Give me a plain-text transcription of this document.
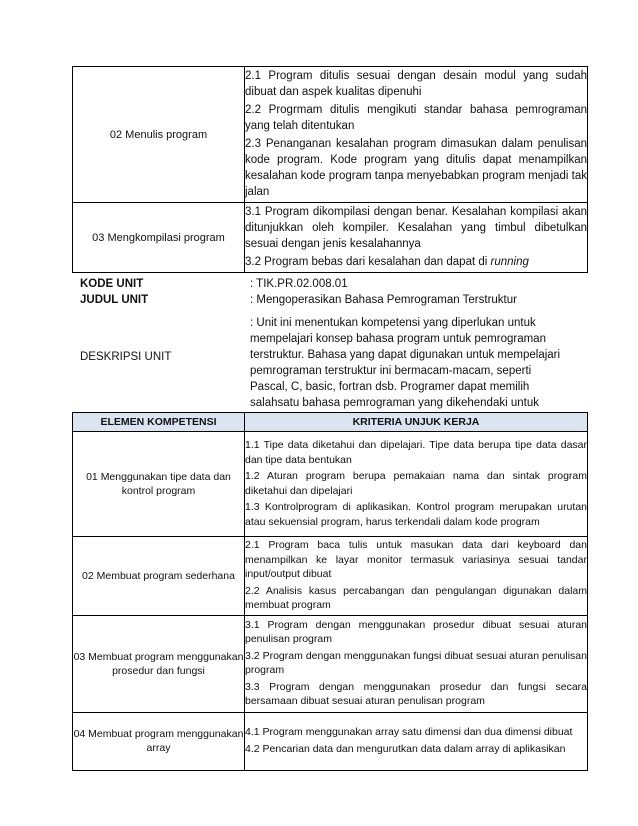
02 Menulis program	2.1 Program ditulis sesuai dengan desain modul yang sudah dibuat dan aspek kualitas dipenuhi
2.2 Progrmam ditulis mengikuti standar bahasa pemrograman yang telah ditentukan
2.3 Penanganan kesalahan program dimasukan dalam penulisan kode program. Kode program yang ditulis dapat menampilkan kesalahan kode program tanpa menyebabkan program menjadi tak jalan

03 Mengkompilasi program	3.1 Program dikompilasi dengan benar. Kesalahan kompilasi akan ditunjukkan oleh kompiler. Kesalahan yang timbul dibetulkan sesuai dengan jenis kesalahannya
3.2 Program bebas dari kesalahan dan dapat di running
KODE UNIT	: TIK.PR.02.008.01
JUDUL UNIT	: Mengoperasikan Bahasa Pemrograman Terstruktur
DESKRIPSI UNIT
: Unit ini menentukan kompetensi yang diperlukan untuk mempelajari konsep bahasa program untuk pemrograman terstruktur. Bahasa yang dapat digunakan untuk mempelajari pemrograman terstruktur ini bermacam-macam, seperti Pascal, C, basic, fortran dsb. Programer dapat memilih salahsatu bahasa pemrograman yang dikehendaki untuk
ELEMEN KOMPETENSI	KRITERIA UNJUK KERJA
01 Menggunakan tipe data dan kontrol program	1.1 Tipe data diketahui dan dipelajari. Tipe data berupa tipe data dasar dan tipe data bentukan
1.2 Aturan program berupa pemakaian nama dan sintak program diketahui dan dipelajari
1.3 Kontrolprogram di aplikasikan. Kontrol program merupakan urutan atau sekuensial program, harus terkendali dalam kode program

02 Membuat program sederhana	2.1 Program baca tulis untuk masukan data dari keyboard dan menampilkan ke layar monitor termasuk variasinya sesuai tandar input/output dibuat
2.2 Analisis kasus percabangan dan pengulangan digunakan dalam membuat program

03 Membuat program menggunakan prosedur dan fungsi	3.1 Program dengan menggunakan prosedur dibuat sesuai aturan penulisan program
3.2 Program dengan menggunakan fungsi dibuat sesuai aturan penulisan program
3.3 Program dengan menggunakan prosedur dan fungsi secara bersamaan dibuat sesuai aturan penulisan program

04 Membuat program menggunakan array	4.1 Program menggunakan array satu dimensi dan dua dimensi dibuat
4.2 Pencarian data dan mengurutkan data dalam array di aplikasikan
